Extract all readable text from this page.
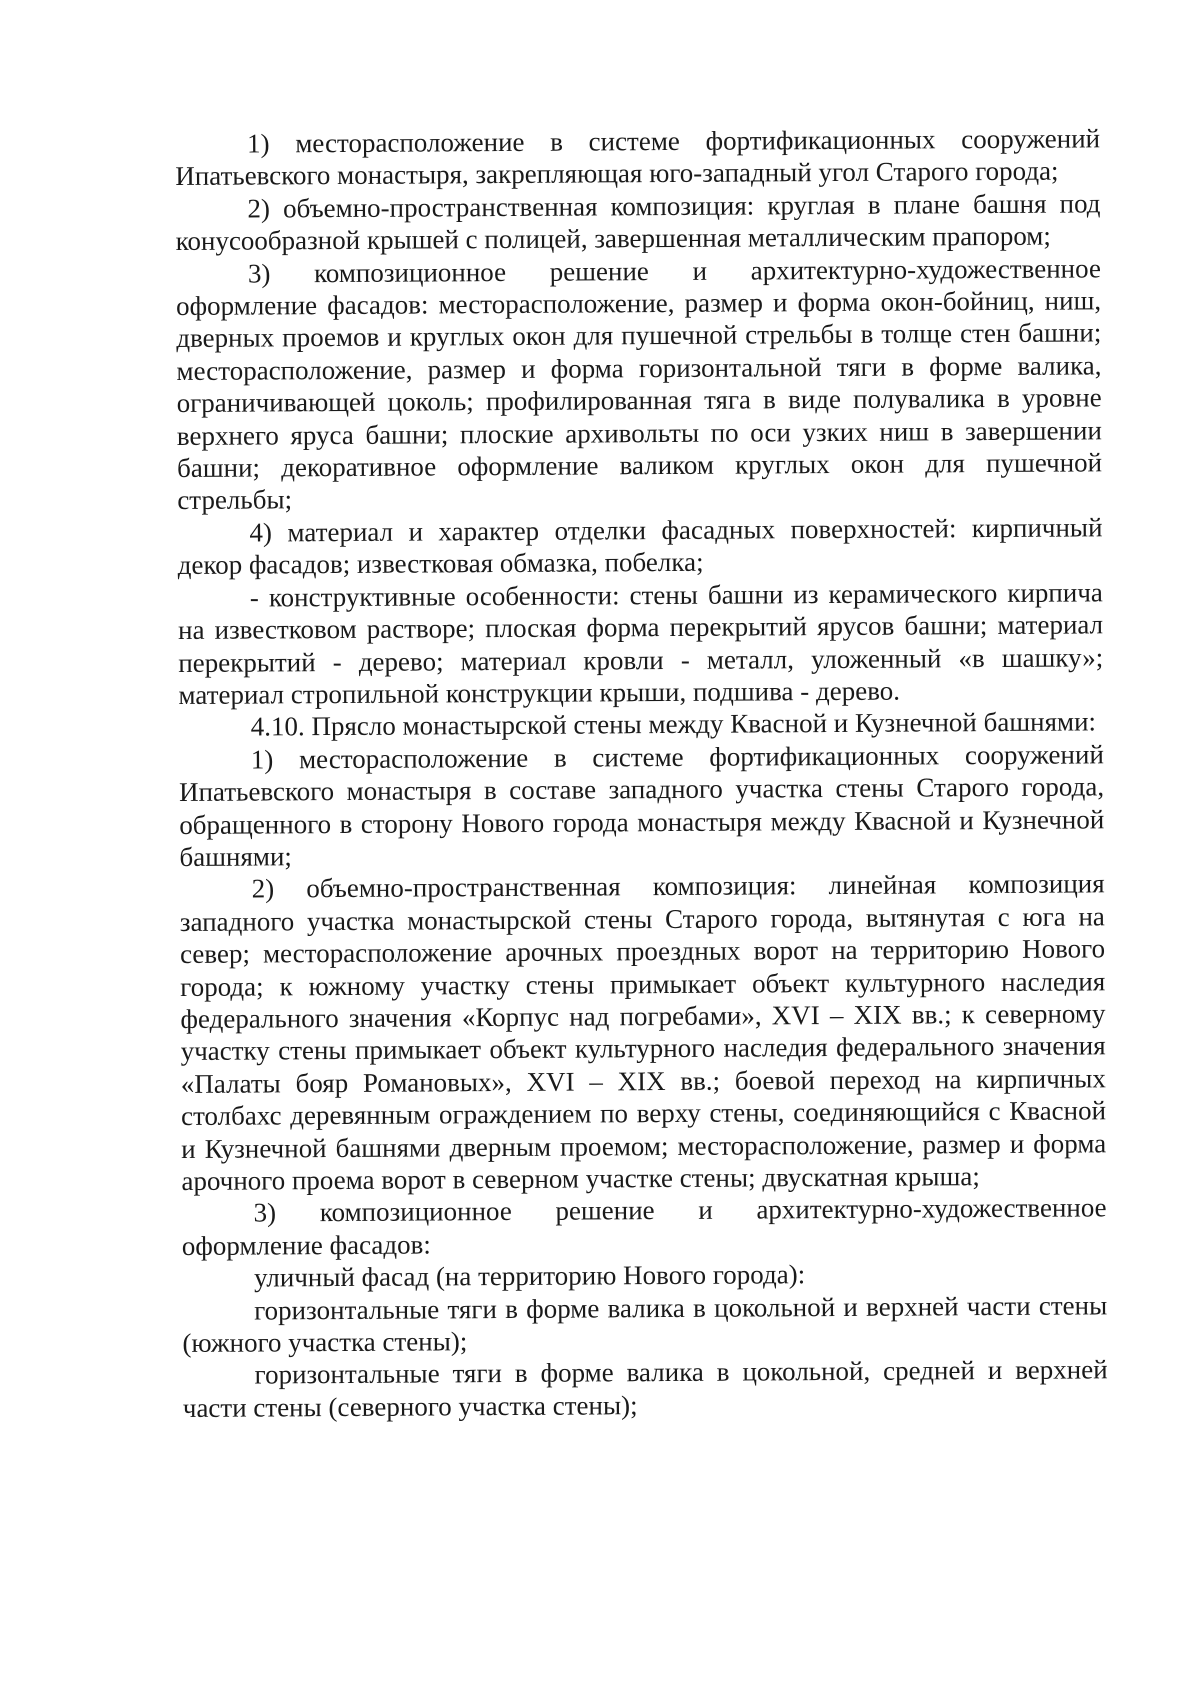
1) месторасположение в системе фортификационных сооружений Ипатьевского монастыря, закрепляющая юго-западный угол Старого города;

2) объемно-пространственная композиция: круглая в плане башня под конусообразной крышей с полицей, завершенная металлическим прапором;

3) композиционное решение и архитектурно-художественное оформление фасадов: месторасположение, размер и форма окон-бойниц, ниш, дверных проемов и круглых окон для пушечной стрельбы в толще стен башни; месторасположение, размер и форма горизонтальной тяги в форме валика, ограничивающей цоколь; профилированная тяга в виде полувалика в уровне верхнего яруса башни; плоские архивольты по оси узких ниш в завершении башни; декоративное оформление валиком круглых окон для пушечной стрельбы;

4) материал и характер отделки фасадных поверхностей: кирпичный декор фасадов; известковая обмазка, побелка;

- конструктивные особенности: стены башни из керамического кирпича на известковом растворе; плоская форма перекрытий ярусов башни; материал перекрытий - дерево; материал кровли - металл, уложенный «в шашку»; материал стропильной конструкции крыши, подшива - дерево.

4.10. Прясло монастырской стены между Квасной и Кузнечной башнями:

1) месторасположение в системе фортификационных сооружений Ипатьевского монастыря в составе западного участка стены Старого города, обращенного в сторону Нового города монастыря между Квасной и Кузнечной башнями;

2) объемно-пространственная композиция: линейная композиция западного участка монастырской стены Старого города, вытянутая с юга на север; месторасположение арочных проездных ворот на территорию Нового города; к южному участку стены примыкает объект культурного наследия федерального значения «Корпус над погребами», XVI – XIX вв.; к северному участку стены примыкает объект культурного наследия федерального значения «Палаты бояр Романовых», XVI – XIX вв.; боевой переход на кирпичных столбахс деревянным ограждением по верху стены, соединяющийся с Квасной и Кузнечной башнями дверным проемом; месторасположение, размер и форма арочного проема ворот в северном участке стены; двускатная крыша;

3) композиционное решение и архитектурно-художественное оформление фасадов:

уличный фасад (на территорию Нового города):

горизонтальные тяги в форме валика в цокольной и верхней части стены (южного участка стены);

горизонтальные тяги в форме валика в цокольной, средней и верхней части стены (северного участка стены);
